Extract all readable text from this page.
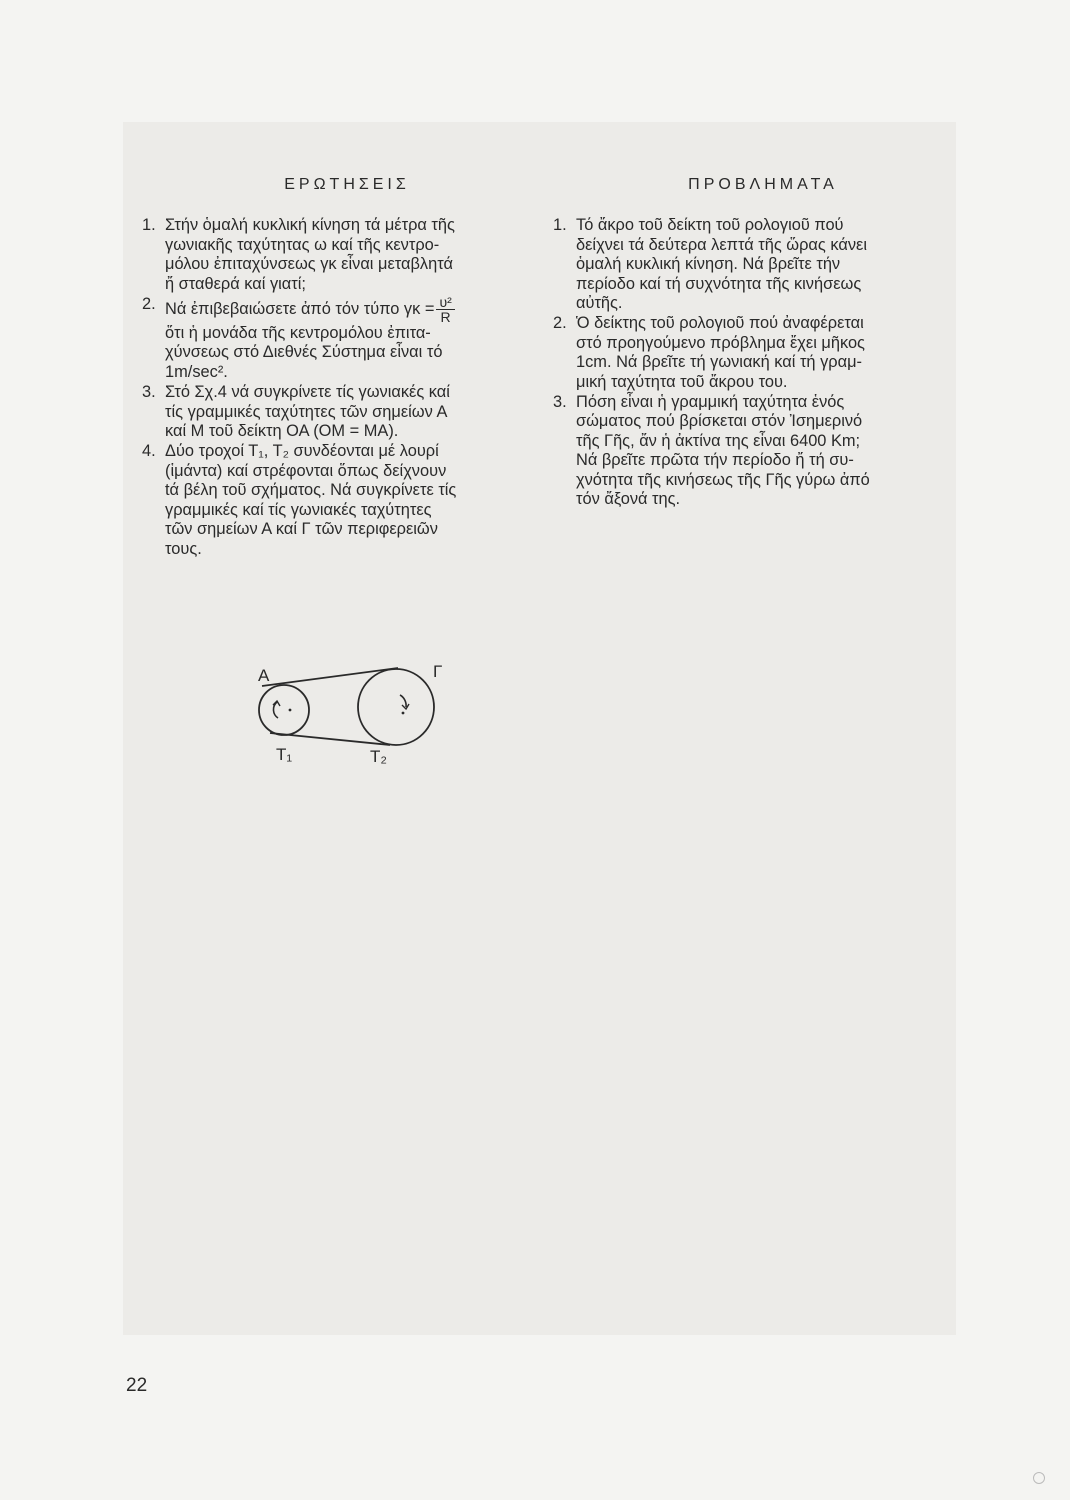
ΕΡΩΤΗΣΕΙΣ
1. Στήν ὁμαλή κυκλική κίνηση τά μέτρα τῆς
γωνιακῆς ταχύτητας ω καί τῆς κεντρο-
μόλου ἐπιταχύνσεως γκ εἶναι μεταβλητά
ἤ σταθερά καί γιατί;
2. Νά ἐπιβεβαιώσετε ἀπό τόν τύπο $\gamma\kappa = \frac{\text{υ²}}{R}$
ὅτι ἡ μονάδα τῆς κεντρομόλου ἐπιτα-
χύνσεως στό Διεθνές Σύστημα εἶναι τό
1m/sec².
3. Στό Σχ.4 νά συγκρίνετε τίς γωνιακές καί
τίς γραμμικές ταχύτητες τῶν σημείων Α
καί Μ τοῦ δείκτη ΟΑ (ΟΜ = ΜΑ).
4. Δύο τροχοί Τ₁, Τ₂ συνδέονται μέ λουρί
(ἱμάντα) καί στρέφονται ὅπως δείχνουν
tά βέλη τοῦ σχήματος. Νά συγκρίνετε τίς
γραμμικές καί τίς γωνιακές ταχύτητες
τῶν σημείων Α καί Γ τῶν περιφερειῶν
τους.
ΠΡΟΒΛΗΜΑΤΑ
1. Τό ἄκρο τοῦ δείκτη τοῦ ρολογιοῦ πού
δείχνει τά δεύτερα λεπτά τῆς ὥρας κάνει
ὁμαλή κυκλική κίνηση. Νά βρεῖτε τήν
περίοδο καί τή συχνότητα τῆς κινήσεως
αὐτῆς.
2. Ὁ δείκτης τοῦ ρολογιοῦ πού ἀναφέρεται
στό προηγούμενο πρόβλημα ἔχει μῆκος
1cm. Νά βρεῖτε τή γωνιακή καί τή γραμ-
μική ταχύτητα τοῦ ἄκρου του.
3. Πόση εἶναι ἡ γραμμική ταχύτητα ἑνός
σώματος πού βρίσκεται στόν Ἰσημερινό
τῆς Γῆς, ἄν ἡ ἀκτίνα της εἶναι 6400 Km;
Νά βρεῖτε πρῶτα τήν περίοδο ἤ τή συ-
χνότητα τῆς κινήσεως τῆς Γῆς γύρω ἀπό
τόν ἄξονά της.
Α	Γ
T₁	T₂
22
